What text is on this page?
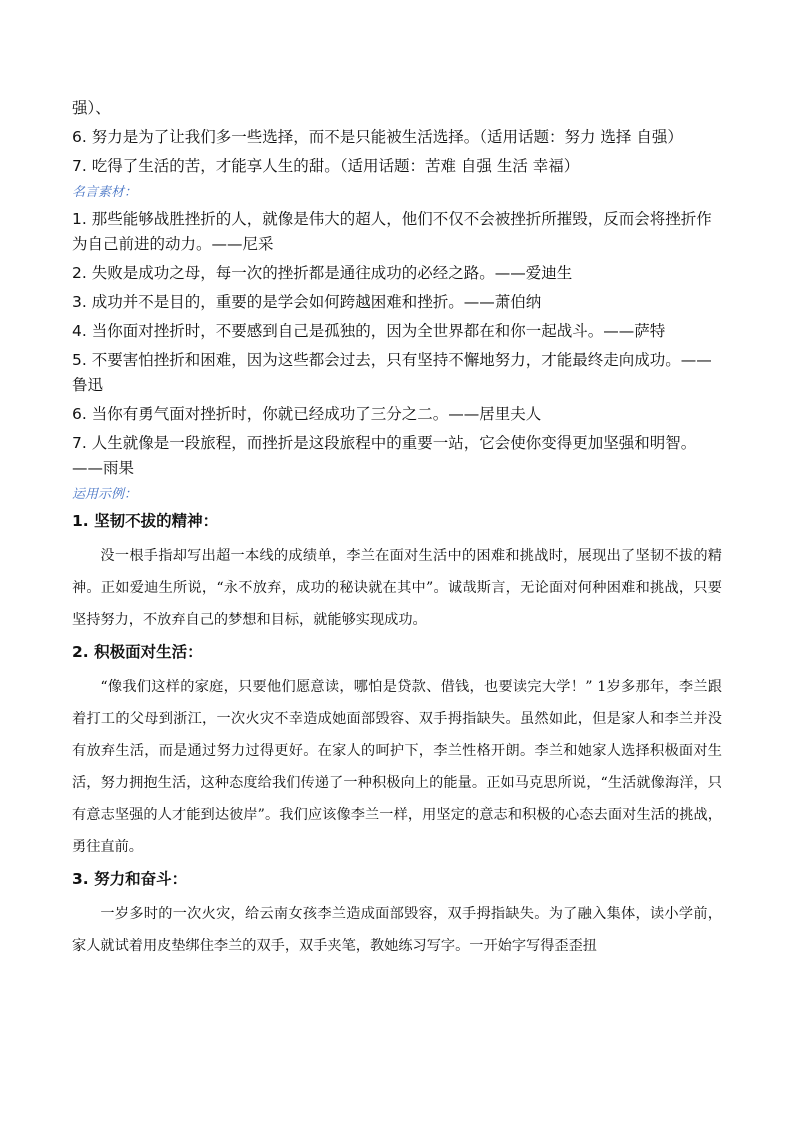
强）、

6. 努力是为了让我们多一些选择，而不是只能被生活选择。（适用话题：努力 选择 自强）

7. 吃得了生活的苦，才能享人生的甜。（适用话题：苦难 自强 生活 幸福）

名言素材：

1. 那些能够战胜挫折的人，就像是伟大的超人，他们不仅不会被挫折所摧毁，反而会将挫折作为自己前进的动力。——尼采

2. 失败是成功之母，每一次的挫折都是通往成功的必经之路。——爱迪生

3. 成功并不是目的，重要的是学会如何跨越困难和挫折。——萧伯纳

4. 当你面对挫折时，不要感到自己是孤独的，因为全世界都在和你一起战斗。——萨特

5. 不要害怕挫折和困难，因为这些都会过去，只有坚持不懈地努力，才能最终走向成功。——鲁迅

6. 当你有勇气面对挫折时，你就已经成功了三分之二。——居里夫人

7. 人生就像是一段旅程，而挫折是这段旅程中的重要一站，它会使你变得更加坚强和明智。——雨果

运用示例：
1. 坚韧不拔的精神：

没一根手指却写出超一本线的成绩单，李兰在面对生活中的困难和挑战时，展现出了坚韧不拔的精神。正如爱迪生所说，“永不放弃，成功的秘诀就在其中”。诚哉斯言，无论面对何种困难和挑战，只要坚持努力，不放弃自己的梦想和目标，就能够实现成功。

2. 积极面对生活：

“像我们这样的家庭，只要他们愿意读，哪怕是贷款、借钱，也要读完大学！” 1岁多那年，李兰跟着打工的父母到浙江，一次火灾不幸造成她面部毁容、双手拇指缺失。虽然如此，但是家人和李兰并没有放弃生活，而是通过努力过得更好。在家人的呵护下，李兰性格开朗。李兰和她家人选择积极面对生活，努力拥抱生活，这种态度给我们传递了一种积极向上的能量。正如马克思所说，“生活就像海洋，只有意志坚强的人才能到达彼岸”。我们应该像李兰一样，用坚定的意志和积极的心态去面对生活的挑战，勇往直前。

3. 努力和奋斗：

一岁多时的一次火灾，给云南女孩李兰造成面部毁容，双手拇指缺失。为了融入集体，读小学前，家人就试着用皮垫绑住李兰的双手，双手夹笔，教她练习写字。一开始字写得歪歪扭
